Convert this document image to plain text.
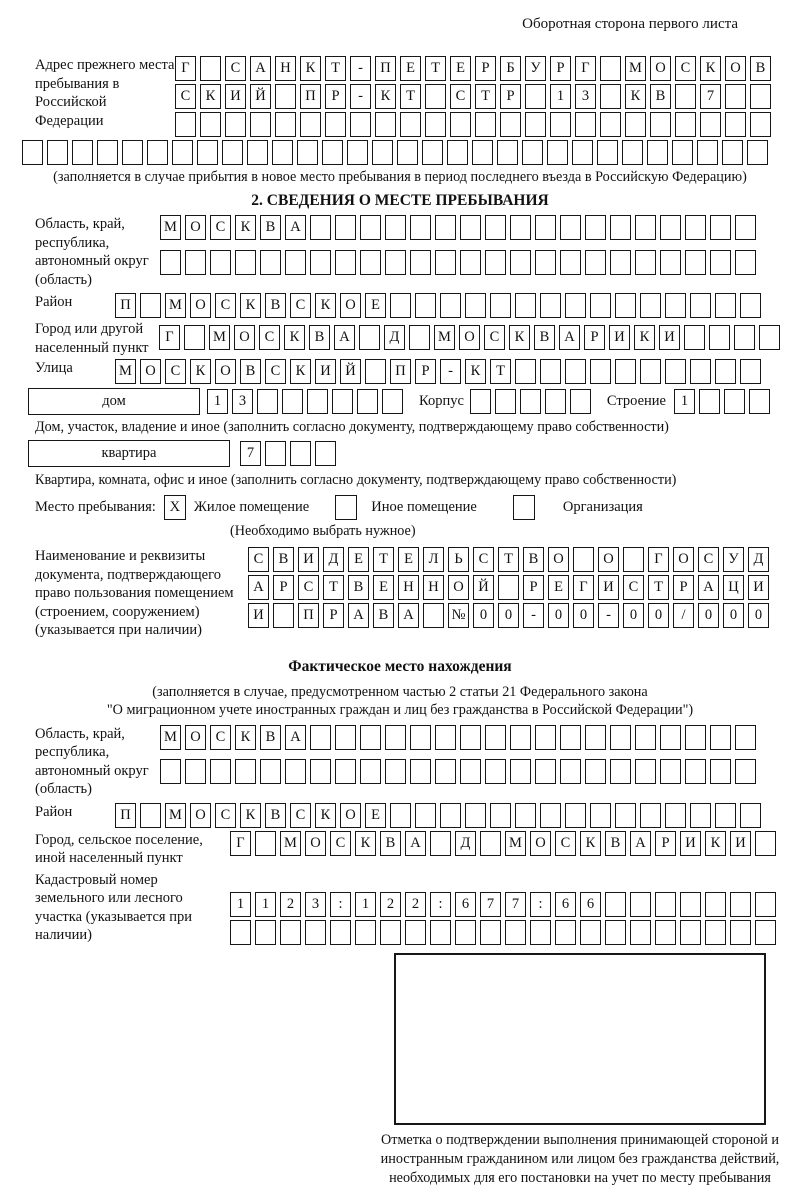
Оборотная сторона первого листа
Адрес прежнего места пребывания в Российской Федерации
Г	С	А	Н	К	Т	-	П	Е	Т	Е	Р	Б	У	Р	Г	М О	С	К	О	В
С	К	И	Й	П	Р	-	К	Т	С	Т	Р	1	3	К	В	7
(заполняется в случае прибытия в новое место пребывания в период последнего въезда в Российскую Федерацию)
2. СВЕДЕНИЯ О МЕСТЕ ПРЕБЫВАНИЯ
Область, край, республика, автономный округ (область)
М О	С	К	В	А
Район	П	М О	С	К	В	С	К	О	Е
Город или другой населенный пункт
Г	М О	С	К	В	А	Д	М О	С	К	В	А	Р	И	К	И
Улица	М О	С	К	О	В	С	К	И	Й	П	Р	-	К	Т
дом	1	3	Корпус	Строение	1
Дом, участок, владение и иное (заполнить согласно документу, подтверждающему право собственности)
квартира	7
Квартира, комната, офис и иное (заполнить согласно документу, подтверждающему право собственности)
Место пребывания: X Жилое помещение	Иное помещение	Организация
(Необходимо выбрать нужное)
Наименование и реквизиты документа, подтверждающего право пользования помещением (строением, сооружением) (указывается при наличии)
С	В	И	Д	Е	Т	Е	Л	Ь	С	Т	В	О	О	Г	О	С	У	Д
А	Р	С	Т	В	Е	Н	Н	О	Й	Р	Е	Г	И	С	Т	Р	А	Ц	И
И	П	Р	А	В	А	№ 0	0	-	0	0	-	0	0	/	0	0	0
Фактическое место нахождения
(заполняется в случае, предусмотренном частью 2 статьи 21 Федерального закона
"О миграционном учете иностранных граждан и лиц без гражданства в Российской Федерации")
Область, край, республика, автономный округ (область)
М О	С	К	В	А
Район	П	М О	С	К	В	С	К	О	Е
Город, сельское поселение, иной населенный пункт
Г	М О	С	К	В	А	Д	М О	С	К	В	А	Р	И	К	И
Кадастровый номер земельного или лесного участка (указывается при наличии)
1	1	2	3	:	1	2	2	:	6	7	7	:	6	6
Отметка о подтверждении выполнения принимающей стороной и иностранным гражданином или лицом без гражданства действий, необходимых для его постановки на учет по месту пребывания
